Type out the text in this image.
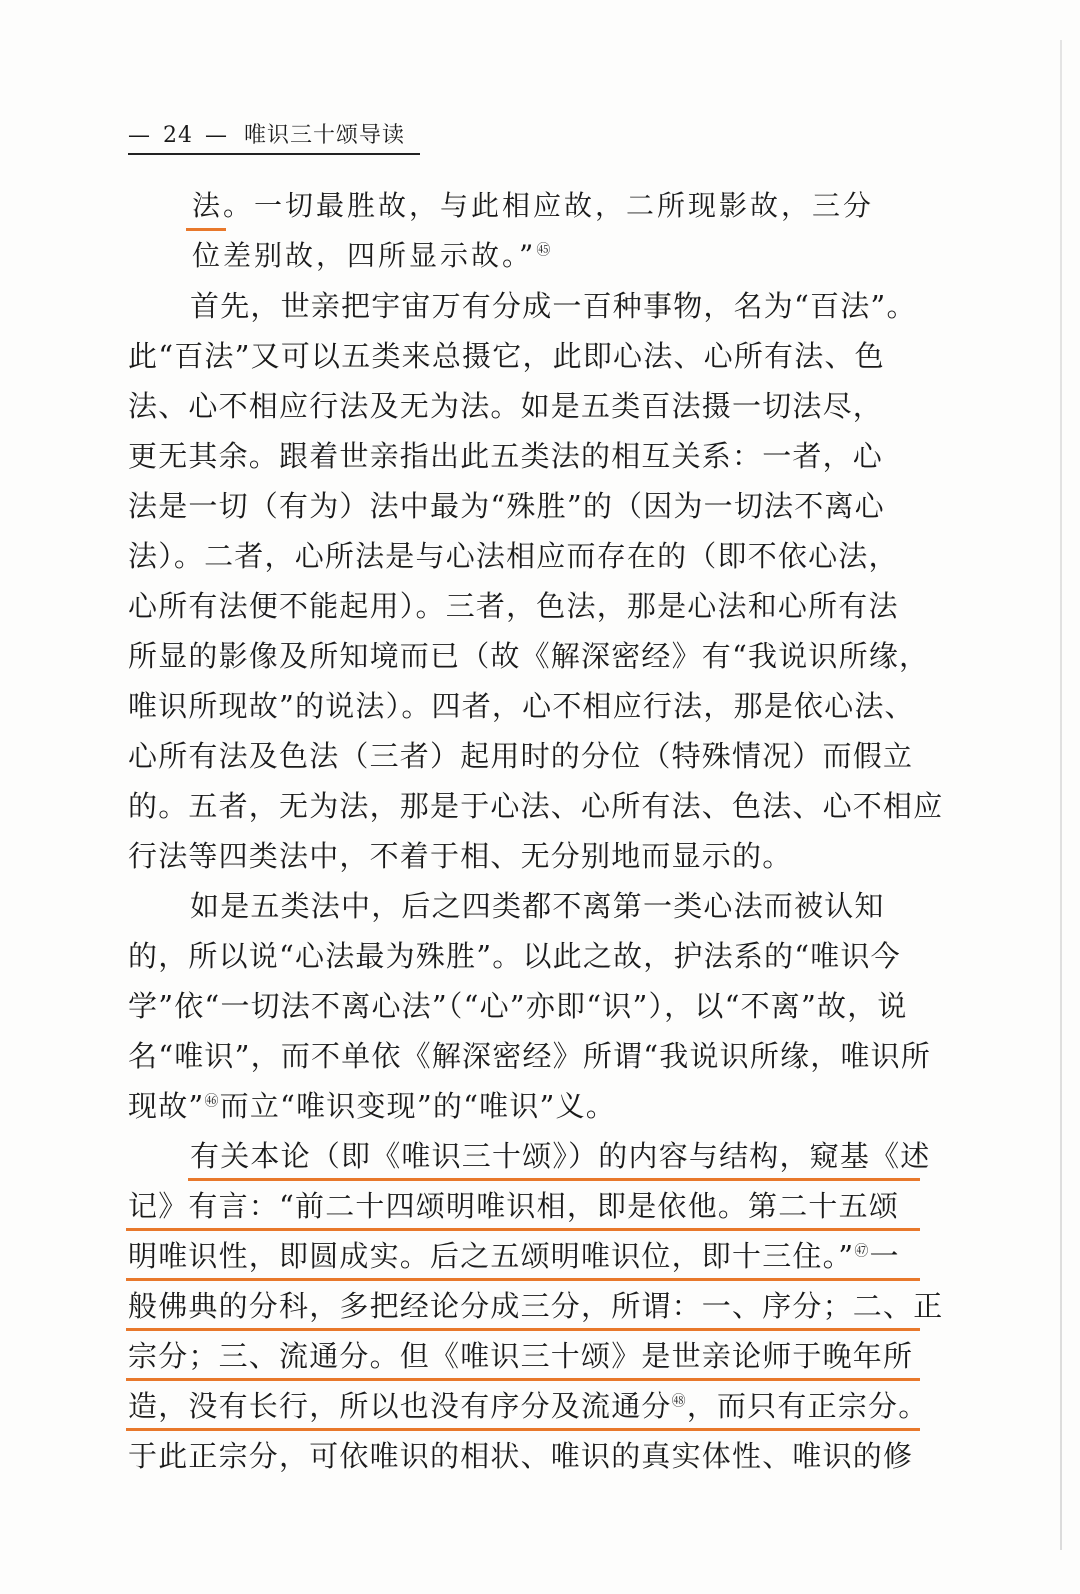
— 24 — 唯识三十颂导读
法。一切最胜故，与此相应故，二所现影故，三分
位差别故，四所显示故。”$^㊺$
首先，世亲把宇宙万有分成一百种事物，名为“百法”。
此“百法”又可以五类来总摄它，此即心法、心所有法、色
法、心不相应行法及无为法。如是五类百法摄一切法尽，
更无其余。跟着世亲指出此五类法的相互关系：一者，心
法是一切（有为）法中最为“殊胜”的（因为一切法不离心
法）。二者，心所法是与心法相应而存在的（即不依心法，
心所有法便不能起用）。三者，色法，那是心法和心所有法
所显的影像及所知境而已（故《解深密经》有“我说识所缘，
唯识所现故”的说法）。四者，心不相应行法，那是依心法、
心所有法及色法（三者）起用时的分位（特殊情况）而假立
的。五者，无为法，那是于心法、心所有法、色法、心不相应
行法等四类法中，不着于相、无分别地而显示的。
如是五类法中，后之四类都不离第一类心法而被认知
的，所以说“心法最为殊胜”。以此之故，护法系的“唯识今
学”依“一切法不离心法”（“心”亦即“识”），以“不离”故，说
名“唯识”，而不单依《解深密经》所谓“我说识所缘，唯识所
现故”$^㊻$而立“唯识变现”的“唯识”义。
有关本论（即《唯识三十颂》）的内容与结构，窥基《述
记》有言：“前二十四颂明唯识相，即是依他。第二十五颂
明唯识性，即圆成实。后之五颂明唯识位，即十三住。”$^㊼$一
般佛典的分科，多把经论分成三分，所谓：一、序分；二、正
宗分；三、流通分。但《唯识三十颂》是世亲论师于晚年所
造，没有长行，所以也没有序分及流通分$^㊽$，而只有正宗分。
于此正宗分，可依唯识的相状、唯识的真实体性、唯识的修
